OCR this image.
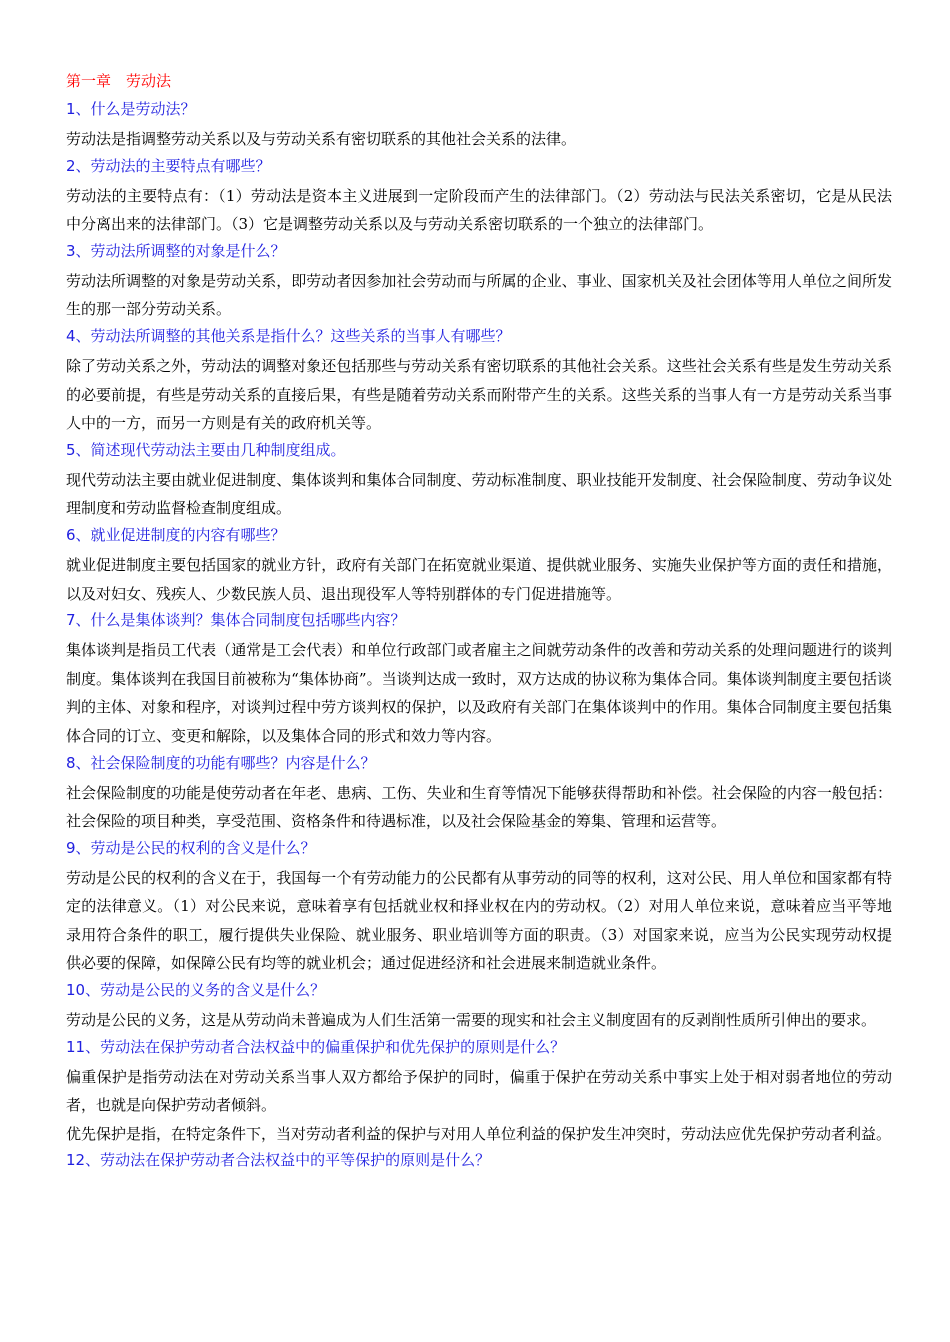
第一章　劳动法
1、什么是劳动法？
劳动法是指调整劳动关系以及与劳动关系有密切联系的其他社会关系的法律。
2、劳动法的主要特点有哪些？
劳动法的主要特点有：（1）劳动法是资本主义进展到一定阶段而产生的法律部门。（2）劳动法与民法关系密切，它是从民法中分离出来的法律部门。（3）它是调整劳动关系以及与劳动关系密切联系的一个独立的法律部门。
3、劳动法所调整的对象是什么？
劳动法所调整的对象是劳动关系，即劳动者因参加社会劳动而与所属的企业、事业、国家机关及社会团体等用人单位之间所发生的那一部分劳动关系。
4、劳动法所调整的其他关系是指什么？这些关系的当事人有哪些？
除了劳动关系之外，劳动法的调整对象还包括那些与劳动关系有密切联系的其他社会关系。这些社会关系有些是发生劳动关系的必要前提，有些是劳动关系的直接后果，有些是随着劳动关系而附带产生的关系。这些关系的当事人有一方是劳动关系当事人中的一方，而另一方则是有关的政府机关等。
5、简述现代劳动法主要由几种制度组成。
现代劳动法主要由就业促进制度、集体谈判和集体合同制度、劳动标准制度、职业技能开发制度、社会保险制度、劳动争议处理制度和劳动监督检查制度组成。
6、就业促进制度的内容有哪些？
就业促进制度主要包括国家的就业方针，政府有关部门在拓宽就业渠道、提供就业服务、实施失业保护等方面的责任和措施，以及对妇女、残疾人、少数民族人员、退出现役军人等特别群体的专门促进措施等。
7、什么是集体谈判？集体合同制度包括哪些内容？
集体谈判是指员工代表（通常是工会代表）和单位行政部门或者雇主之间就劳动条件的改善和劳动关系的处理问题进行的谈判制度。集体谈判在我国目前被称为“集体协商”。当谈判达成一致时，双方达成的协议称为集体合同。集体谈判制度主要包括谈判的主体、对象和程序，对谈判过程中劳方谈判权的保护，以及政府有关部门在集体谈判中的作用。集体合同制度主要包括集体合同的订立、变更和解除，以及集体合同的形式和效力等内容。
8、社会保险制度的功能有哪些？内容是什么？
社会保险制度的功能是使劳动者在年老、患病、工伤、失业和生育等情况下能够获得帮助和补偿。社会保险的内容一般包括：社会保险的项目种类，享受范围、资格条件和待遇标准，以及社会保险基金的筹集、管理和运营等。
9、劳动是公民的权利的含义是什么？
劳动是公民的权利的含义在于，我国每一个有劳动能力的公民都有从事劳动的同等的权利，这对公民、用人单位和国家都有特定的法律意义。（1）对公民来说，意味着享有包括就业权和择业权在内的劳动权。（2）对用人单位来说，意味着应当平等地录用符合条件的职工，履行提供失业保险、就业服务、职业培训等方面的职责。（3）对国家来说，应当为公民实现劳动权提供必要的保障，如保障公民有均等的就业机会；通过促进经济和社会进展来制造就业条件。
10、劳动是公民的义务的含义是什么？
劳动是公民的义务，这是从劳动尚未普遍成为人们生活第一需要的现实和社会主义制度固有的反剥削性质所引伸出的要求。
11、劳动法在保护劳动者合法权益中的偏重保护和优先保护的原则是什么？
偏重保护是指劳动法在对劳动关系当事人双方都给予保护的同时，偏重于保护在劳动关系中事实上处于相对弱者地位的劳动者，也就是向保护劳动者倾斜。
优先保护是指，在特定条件下，当对劳动者利益的保护与对用人单位利益的保护发生冲突时，劳动法应优先保护劳动者利益。
12、劳动法在保护劳动者合法权益中的平等保护的原则是什么？
